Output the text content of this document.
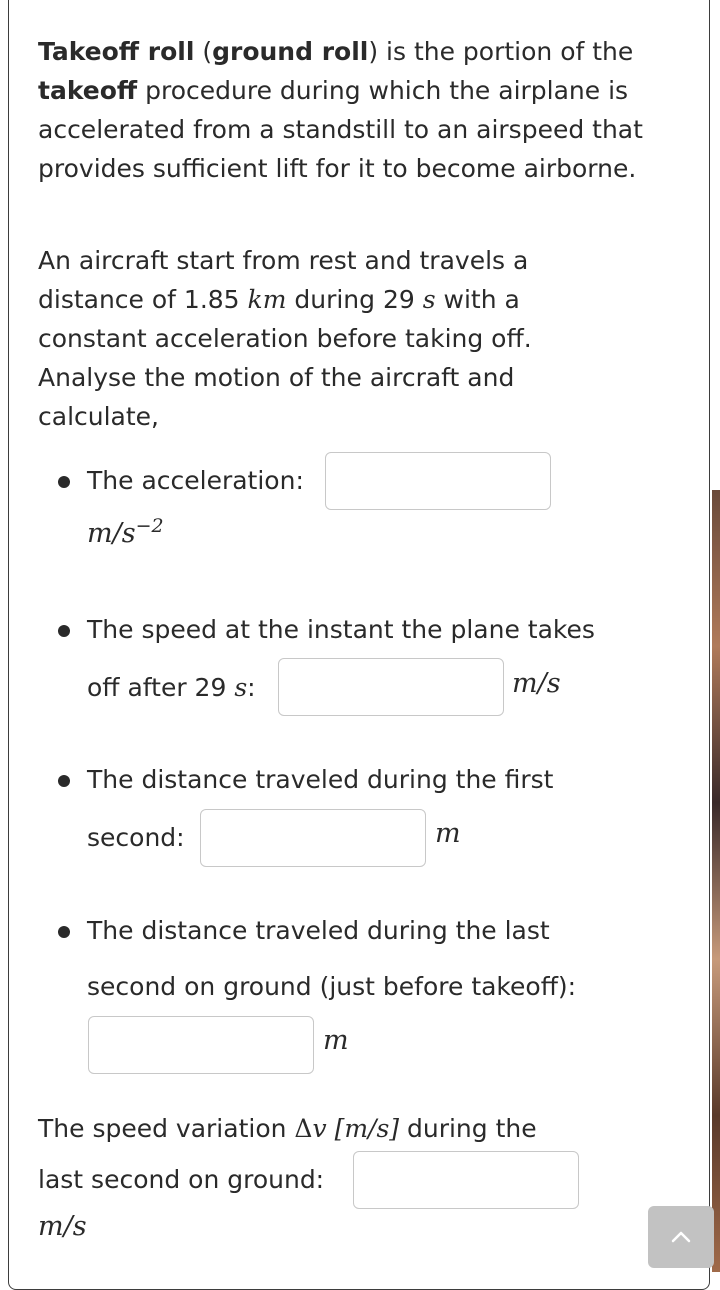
Takeoff roll (ground roll) is the portion of the takeoff procedure during which the airplane is accelerated from a standstill to an airspeed that provides sufficient lift for it to become airborne.

An aircraft start from rest and travels a distance of 1.85 km during 29 s with a constant acceleration before taking off. Analyse the motion of the aircraft and calculate,

The acceleration:
$m/s^{-2}$
The speed at the instant the plane takes
off after 29 s:	m/s
The distance traveled during the first
second:	m
The distance traveled during the last
second on ground (just before takeoff):
m
The speed variation Δv [m/s] during the
last second on ground:
m/s
